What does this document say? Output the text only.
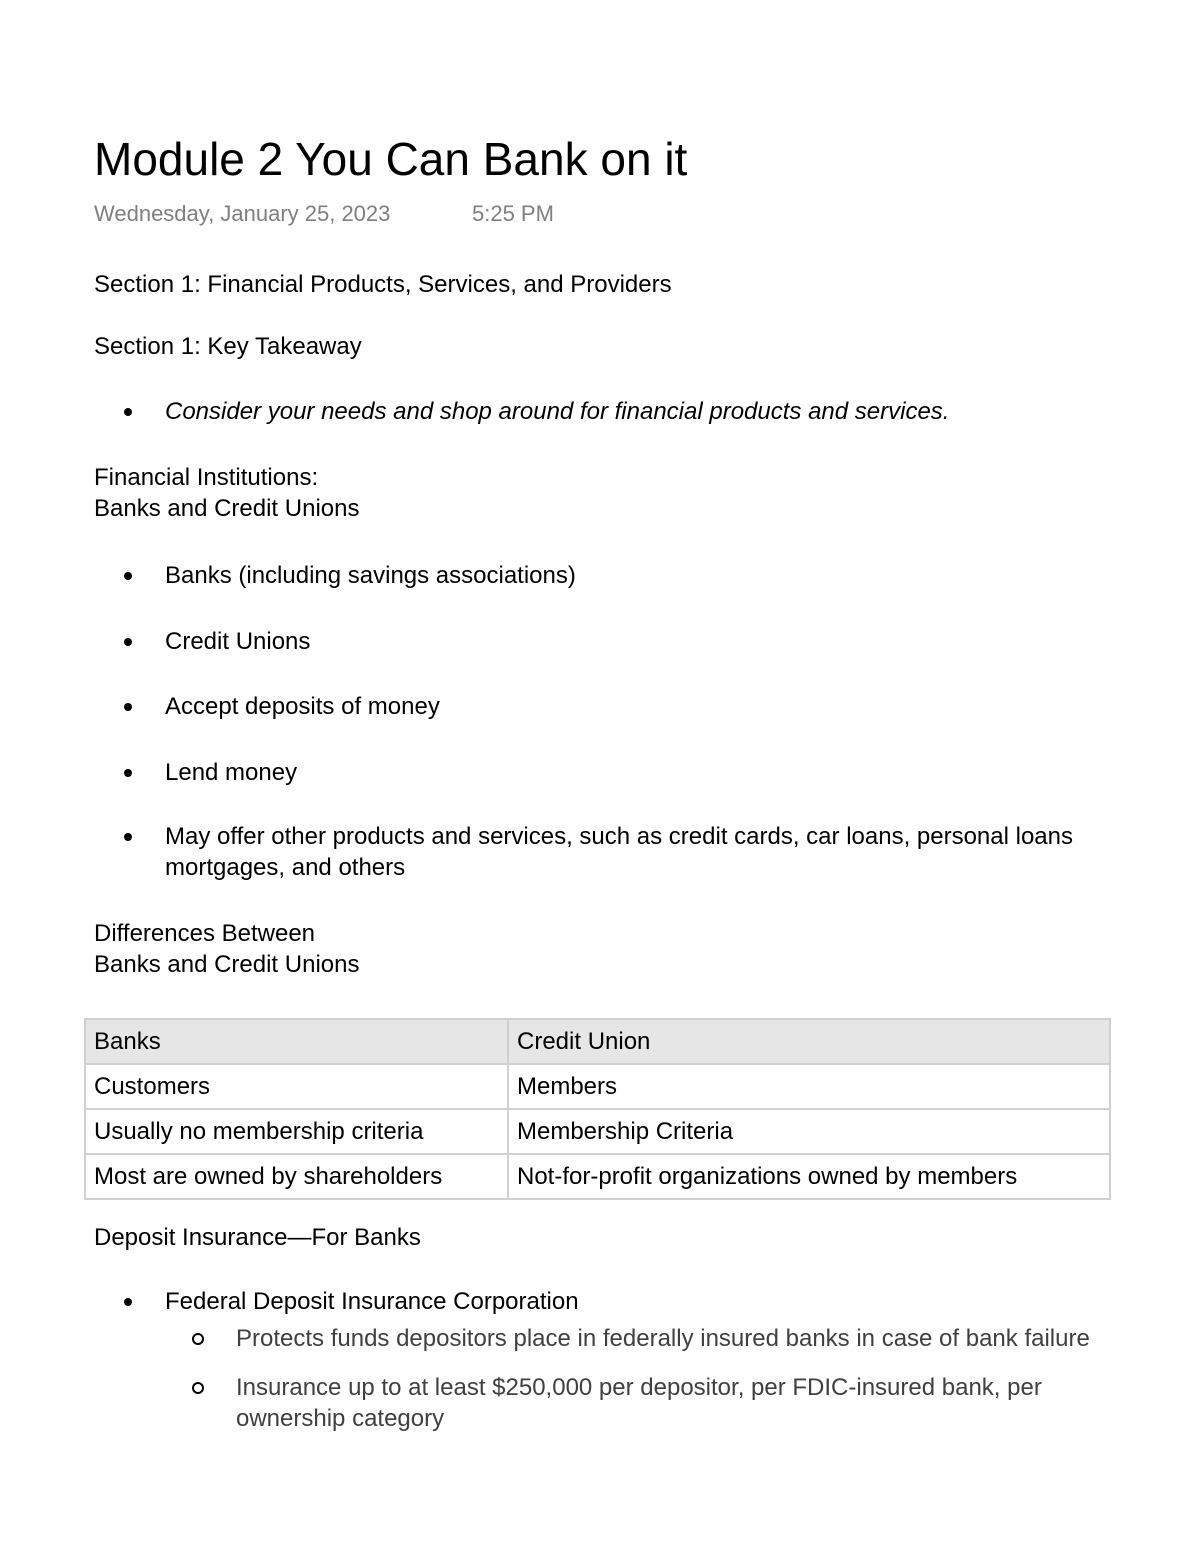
Module 2 You Can Bank on it
Wednesday, January 25, 2023	5:25 PM
Section 1: Financial Products, Services, and Providers
Section 1: Key Takeaway
Consider your needs and shop around for financial products and services.
Financial Institutions:
Banks and Credit Unions
Banks (including savings associations)
Credit Unions
Accept deposits of money
Lend money
May offer other products and services, such as credit cards, car loans, personal loans
mortgages, and others
Differences Between
Banks and Credit Unions
Banks	Credit Union
Customers	Members
Usually no membership criteria	Membership Criteria
Most are owned by shareholders	Not-for-profit organizations owned by members
Deposit Insurance—For Banks
Federal Deposit Insurance Corporation
Protects funds depositors place in federally insured banks in case of bank failure
Insurance up to at least $250,000 per depositor, per FDIC-insured bank, per
ownership category
